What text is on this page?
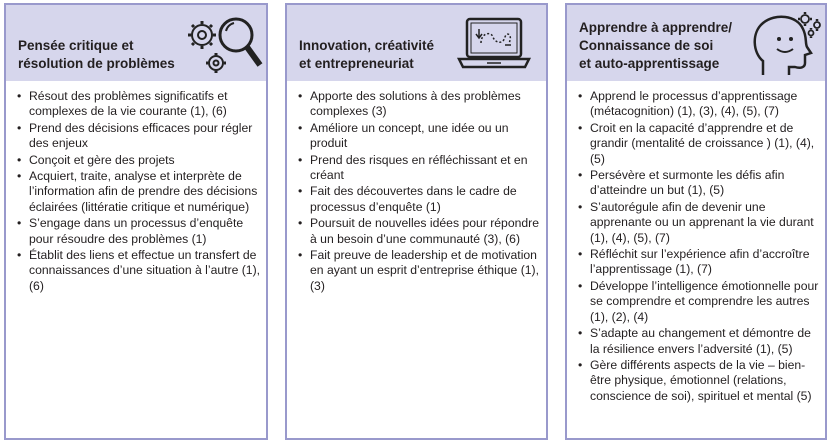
Pensée critique et
résolution de problèmes
• Résout des problèmes significatifs et complexes de la vie courante (1), (6)
• Prend des décisions efficaces pour régler des enjeux
• Conçoit et gère des projets
• Acquiert, traite, analyse et interprète de l’information afin de prendre des décisions éclairées (littératie critique et numérique)
• S’engage dans un processus d’enquête pour résoudre des problèmes (1)
• Établit des liens et effectue un transfert de connaissances d’une situation à l’autre (1), (6)
Innovation, créativité
et entrepreneuriat
• Apporte des solutions à des problèmes complexes (3)
• Améliore un concept, une idée ou un produit
• Prend des risques en réfléchissant et en créant
• Fait des découvertes dans le cadre de processus d’enquête (1)
• Poursuit de nouvelles idées pour répondre à un besoin d’une communauté (3), (6)
• Fait preuve de leadership et de motivation en ayant un esprit d’entreprise éthique (1), (3)
Apprendre à apprendre/
Connaissance de soi
et auto-apprentissage
• Apprend le processus d’apprentissage (métacognition) (1), (3), (4), (5), (7)
• Croit en la capacité d’apprendre et de grandir (mentalité de croissance ) (1), (4), (5)
• Persévère et surmonte les défis afin d’atteindre un but (1), (5)
• S’autorégule afin de devenir une apprenante ou un apprenant la vie durant (1), (4), (5), (7)
• Réfléchit sur l’expérience afin d’accroître l’apprentissage (1), (7)
• Développe l’intelligence émotionnelle pour se comprendre et comprendre les autres (1), (2), (4)
• S’adapte au changement et démontre de la résilience envers l’adversité (1), (5)
• Gère différents aspects de la vie – bien-être physique, émotionnel (relations, conscience de soi), spirituel et mental (5)
